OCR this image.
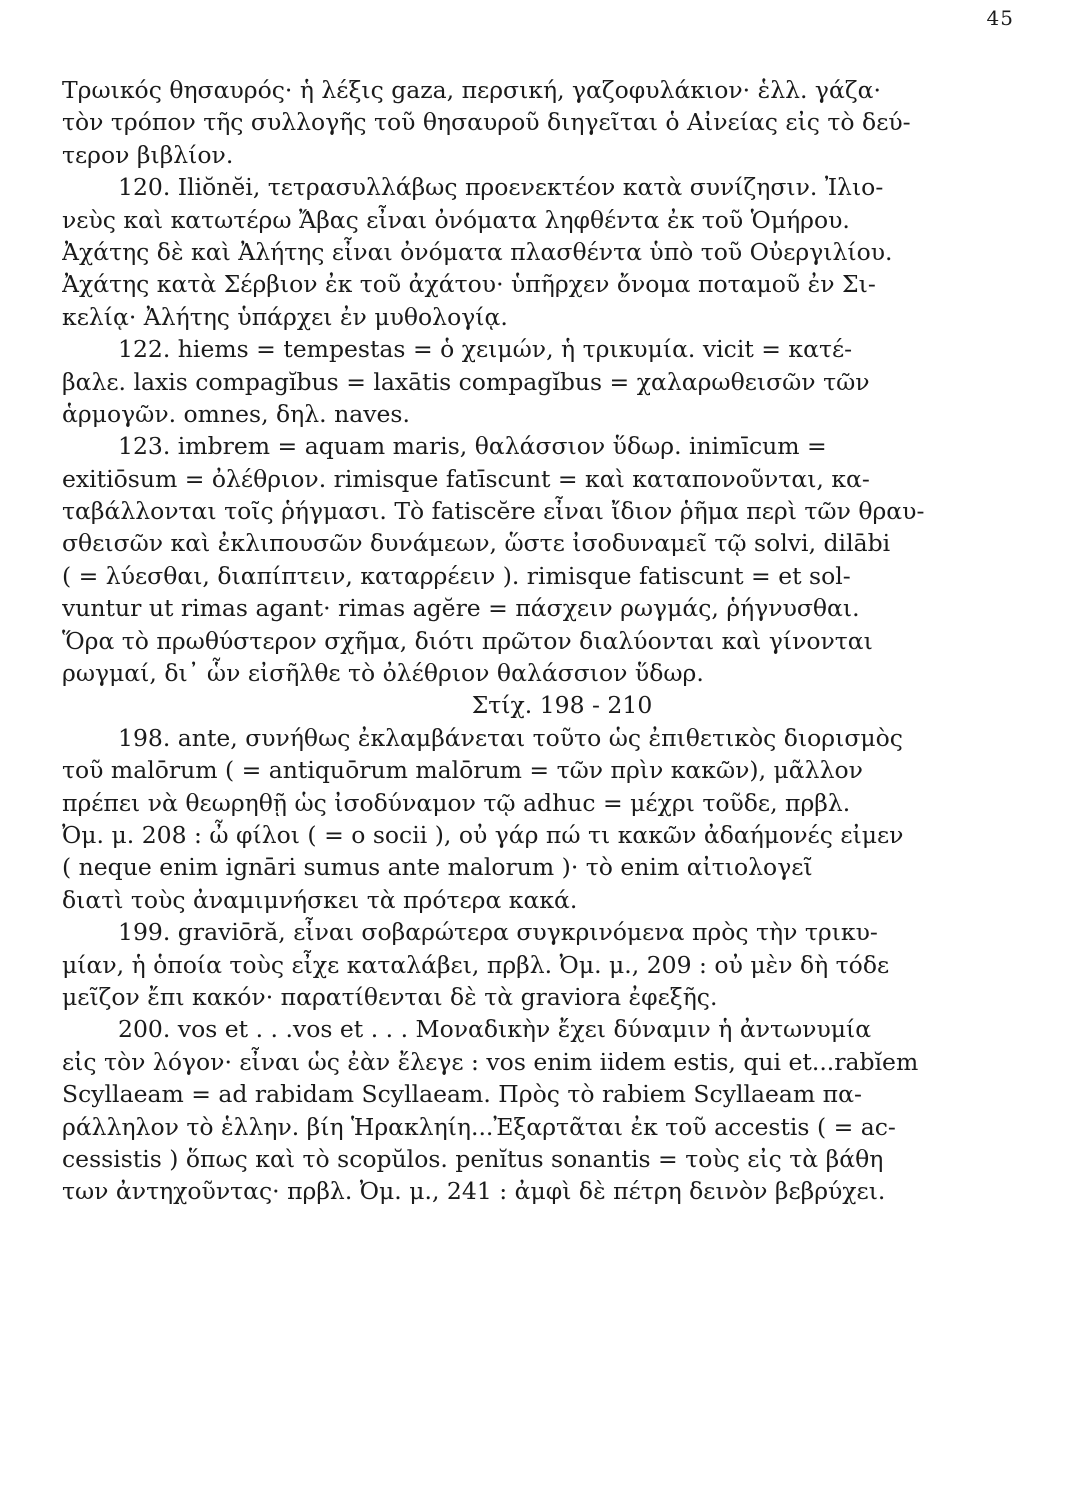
45
Τρωικός θησαυρός· ἡ λέξις gaza, περσική, γαζοφυλάκιον· ἑλλ. γάζα·
τὸν τρόπον τῆς συλλογῆς τοῦ θησαυροῦ διηγεῖται ὁ Αἰνείας εἰς τὸ δεύ-
τερον βιβλίον.
120. Iliŏnĕi, τετρασυλλάβως προενεκτέον κατὰ συνίζησιν. Ἰλιο-
νεὺς καὶ κατωτέρω Ἄβας εἶναι ὀνόματα ληφθέντα ἐκ τοῦ Ὁμήρου.
Ἀχάτης δὲ καὶ Ἀλήτης εἶναι ὀνόματα πλασθέντα ὑπὸ τοῦ Οὐεργιλίου.
Ἀχάτης κατὰ Σέρβιον ἐκ τοῦ ἀχάτου· ὑπῆρχεν ὄνομα ποταμοῦ ἐν Σι-
κελίᾳ· Ἀλήτης ὑπάρχει ἐν μυθολογίᾳ.
122. hiems = tempestas = ὁ χειμών, ἡ τρικυμία. vicit = κατέ-
βαλε. laxis compagĭbus = laxātis compagĭbus = χαλαρωθεισῶν τῶν
ἁρμογῶν. omnes, δηλ. naves.
123. imbrem = aquam maris, θαλάσσιον ὕδωρ. inimīcum =
exitiōsum = ὀλέθριον. rimisque fatīscunt = καὶ καταπονοῦνται, κα-
ταβάλλονται τοῖς ῥήγμασι. Τὸ fatiscĕre εἶναι ἴδιον ῥῆμα περὶ τῶν θραυ-
σθεισῶν καὶ ἐκλιπουσῶν δυνάμεων, ὥστε ἰσοδυναμεῖ τῷ solvi, dilābi
( = λύεσθαι, διαπίπτειν, καταρρέειν ). rimisque fatiscunt = et sol-
vuntur ut rimas agant· rimas agĕre = πάσχειν ρωγμάς, ῥήγνυσθαι.
Ὅρα τὸ πρωθύστερον σχῆμα, διότι πρῶτον διαλύονται καὶ γίνονται
ρωγμαί, δι᾽ ὧν εἰσῆλθε τὸ ὀλέθριον θαλάσσιον ὕδωρ.
Στίχ. 198 - 210
198. ante, συνήθως ἐκλαμβάνεται τοῦτο ὡς ἐπιθετικὸς διορισμὸς
τοῦ malōrum ( = antiquōrum malōrum = τῶν πρὶν κακῶν), μᾶλλον
πρέπει νὰ θεωρηθῇ ὡς ἰσοδύναμον τῷ adhuc = μέχρι τοῦδε, πρβλ.
Ὀμ. μ. 208 : ὦ φίλοι ( = o socii ), οὐ γάρ πώ τι κακῶν ἀδαήμονές εἰμεν
( neque enim ignāri sumus ante malorum )· τὸ enim αἰτιολογεῖ
διατὶ τοὺς ἀναμιμνήσκει τὰ πρότερα κακά.
199. graviōră, εἶναι σοβαρώτερα συγκρινόμενα πρὸς τὴν τρικυ-
μίαν, ἡ ὁποία τοὺς εἶχε καταλάβει, πρβλ. Ὀμ. μ., 209 : οὐ μὲν δὴ τόδε
μεῖζον ἔπι κακόν· παρατίθενται δὲ τὰ graviora ἐφεξῆς.
200. vos et . . .vos et . . . Μοναδικὴν ἔχει δύναμιν ἡ ἀντωνυμία
εἰς τὸν λόγον· εἶναι ὡς ἐὰν ἔλεγε : vos enim iidem estis, qui et...rabĭem
Scyllaeam = ad rabidam Scyllaeam. Πρὸς τὸ rabiem Scyllaeam πα-
ράλληλον τὸ ἑλλην. βίη Ἡρακληίη...Ἐξαρτᾶται ἐκ τοῦ accestis ( = ac-
cessistis ) ὅπως καὶ τὸ scopŭlos. penĭtus sonantis = τοὺς εἰς τὰ βάθη
των ἀντηχοῦντας· πρβλ. Ὀμ. μ., 241 : ἀμφὶ δὲ πέτρη δεινὸν βεβρύχει.
